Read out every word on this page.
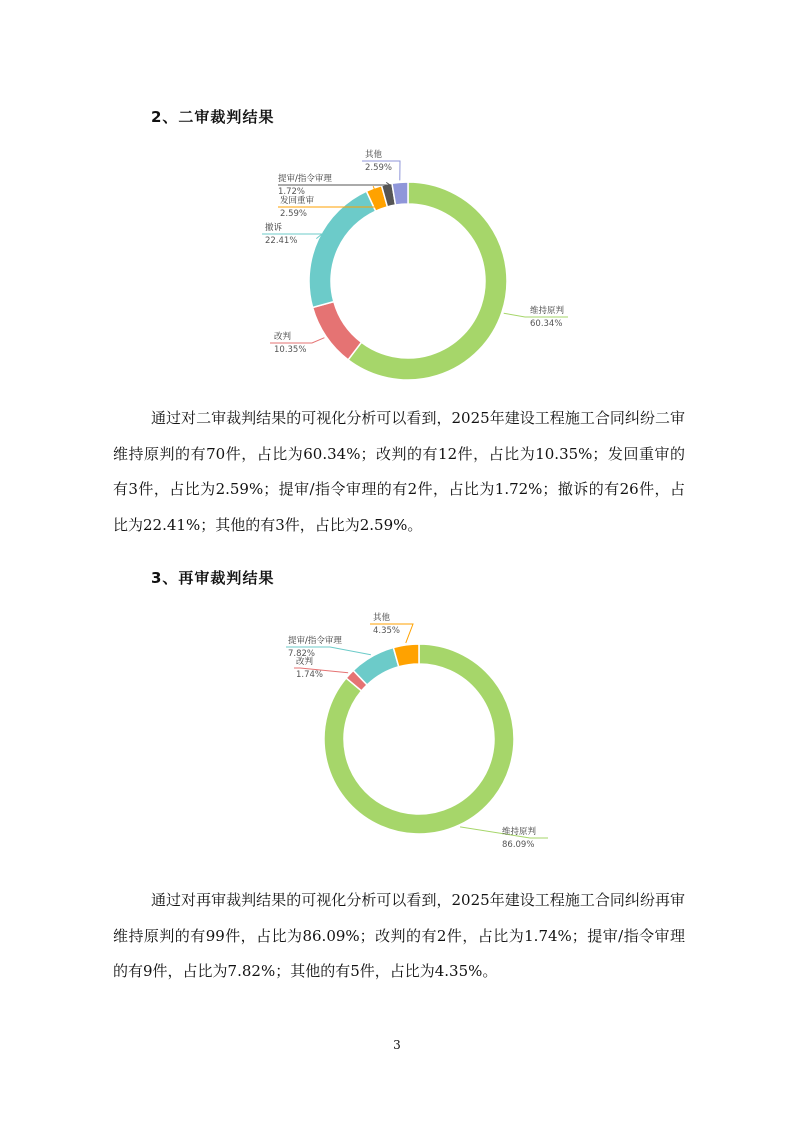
2、二审裁判结果
维持原判
60.34%
改判
10.35%
撤诉
22.41%
发回重审
2.59%
提审/指令审理
1.72%
其他
2.59%

通过对二审裁判结果的可视化分析可以看到，2025年建设工程施工合同纠纷二审维持原判的有70件，占比为60.34%；改判的有12件，占比为10.35%；发回重审的有3件，占比为2.59%；提审/指令审理的有2件，占比为1.72%；撤诉的有26件，占比为22.41%；其他的有3件，占比为2.59%。

3、再审裁判结果
维持原判
86.09%
改判
1.74%
提审/指令审理
7.82%
其他
4.35%

通过对再审裁判结果的可视化分析可以看到，2025年建设工程施工合同纠纷再审维持原判的有99件，占比为86.09%；改判的有2件，占比为1.74%；提审/指令审理的有9件，占比为7.82%；其他的有5件，占比为4.35%。

3
